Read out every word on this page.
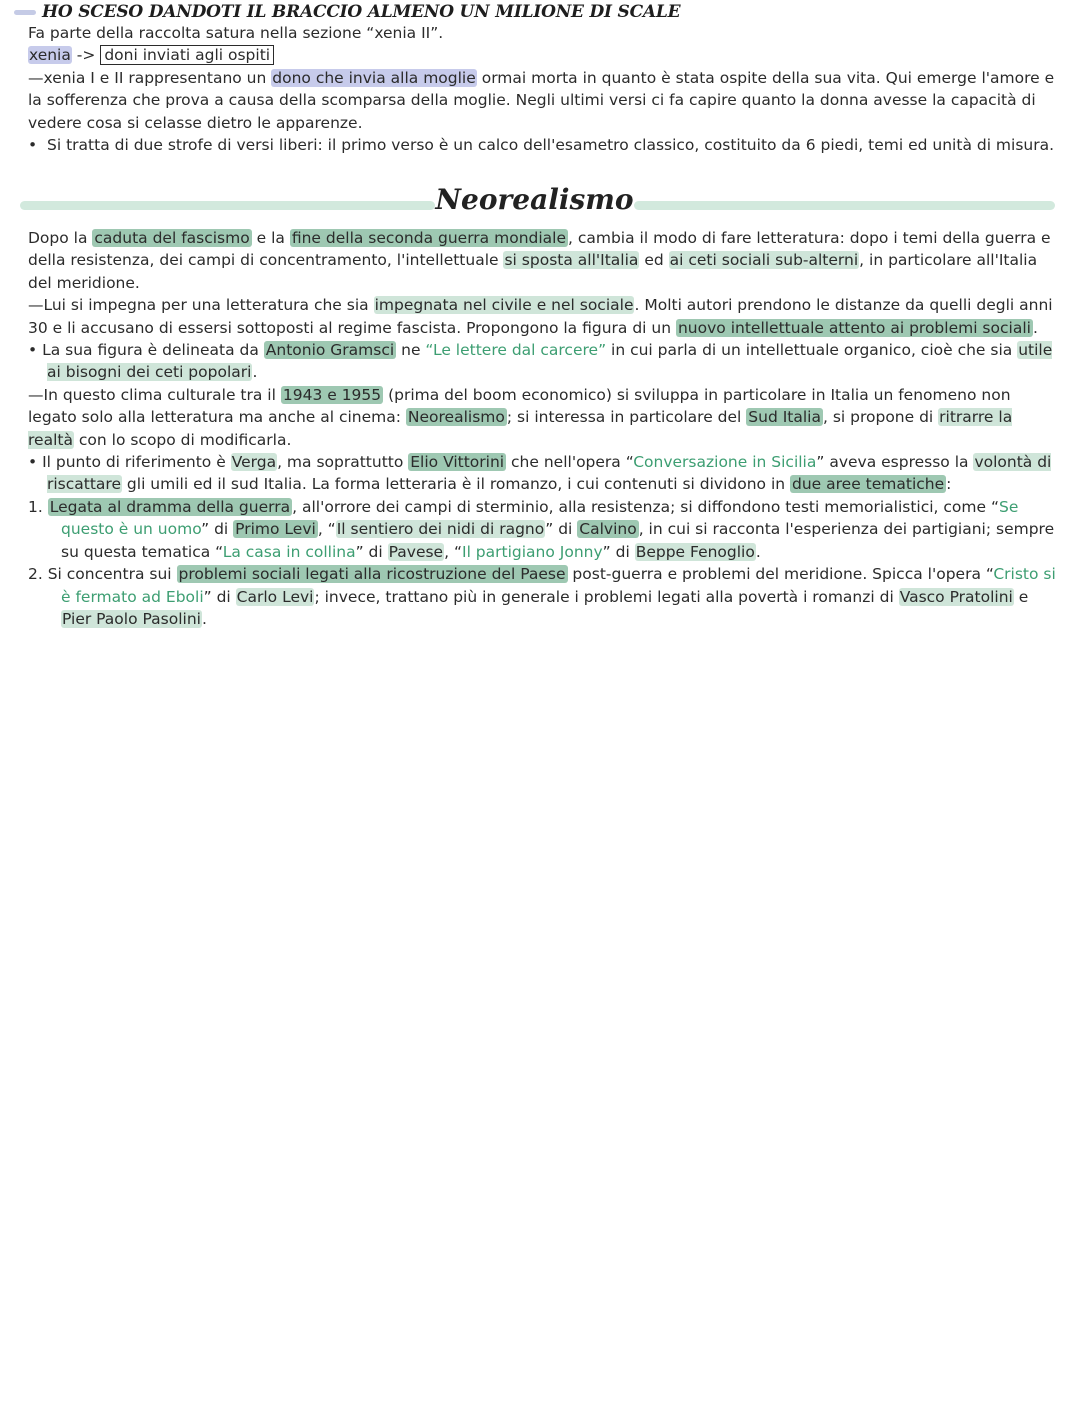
HO SCESO DANDOTI IL BRACCIO ALMENO UN MILIONE DI SCALE

Fa parte della raccolta satura nella sezione “xenia II”.

xenia -> doni inviati agli ospiti

—xenia I e II rappresentano un dono che invia alla moglie ormai morta in quanto è stata ospite della sua vita. Qui emerge l'amore e la sofferenza che prova a causa della scomparsa della moglie. Negli ultimi versi ci fa capire quanto la donna avesse la capacità di vedere cosa si celasse dietro le apparenze.

• Si tratta di due strofe di versi liberi: il primo verso è un calco dell'esametro classico, costituito da 6 piedi, temi ed unità di misura.

Neorealismo

Dopo la caduta del fascismo e la fine della seconda guerra mondiale , cambia il modo di fare letteratura: dopo i temi della guerra e della resistenza, dei campi di concentramento, l'intellettuale si sposta all'Italia ed ai ceti sociali sub-alterni, in particolare all'Italia del meridione.

—Lui si impegna per una letteratura che sia impegnata nel civile e nel sociale. Molti autori prendono le distanze da quelli degli anni 30 e li accusano di essersi sottoposti al regime fascista. Propongono la figura di un nuovo intellettuale attento ai problemi sociali .

• La sua figura è delineata da Antonio Gramsci ne “Le lettere dal carcere” in cui parla di un intellettuale organico, cioè che sia utile ai bisogni dei ceti popolari.

—In questo clima culturale tra il 1943 e 1955 (prima del boom economico) si sviluppa in particolare in Italia un fenomeno non legato solo alla letteratura ma anche al cinema: Neorealismo ; si interessa in particolare del Sud Italia , si propone di ritrarre la realtà con lo scopo di modificarla.

• Il punto di riferimento è Verga, ma soprattutto Elio Vittorini che nell'opera “Conversazione in Sicilia” aveva espresso la volontà di riscattare gli umili ed il sud Italia. La forma letteraria è il romanzo, i cui contenuti si dividono in due aree tematiche :

1. Legata al dramma della guerra , all'orrore dei campi di sterminio, alla resistenza; si diffondono testi memorialistici, come “Se questo è un uomo” di Primo Levi , “Il sentiero dei nidi di ragno” di Calvino , in cui si racconta l'esperienza dei partigiani; sempre su questa tematica “La casa in collina” di Pavese, “Il partigiano Jonny” di Beppe Fenoglio.

2. Si concentra sui problemi sociali legati alla ricostruzione del Paese post-guerra e problemi del meridione. Spicca l'opera “Cristo si è fermato ad Eboli” di Carlo Levi; invece, trattano più in generale i problemi legati alla povertà i romanzi di Vasco Pratolini e Pier Paolo Pasolini.
